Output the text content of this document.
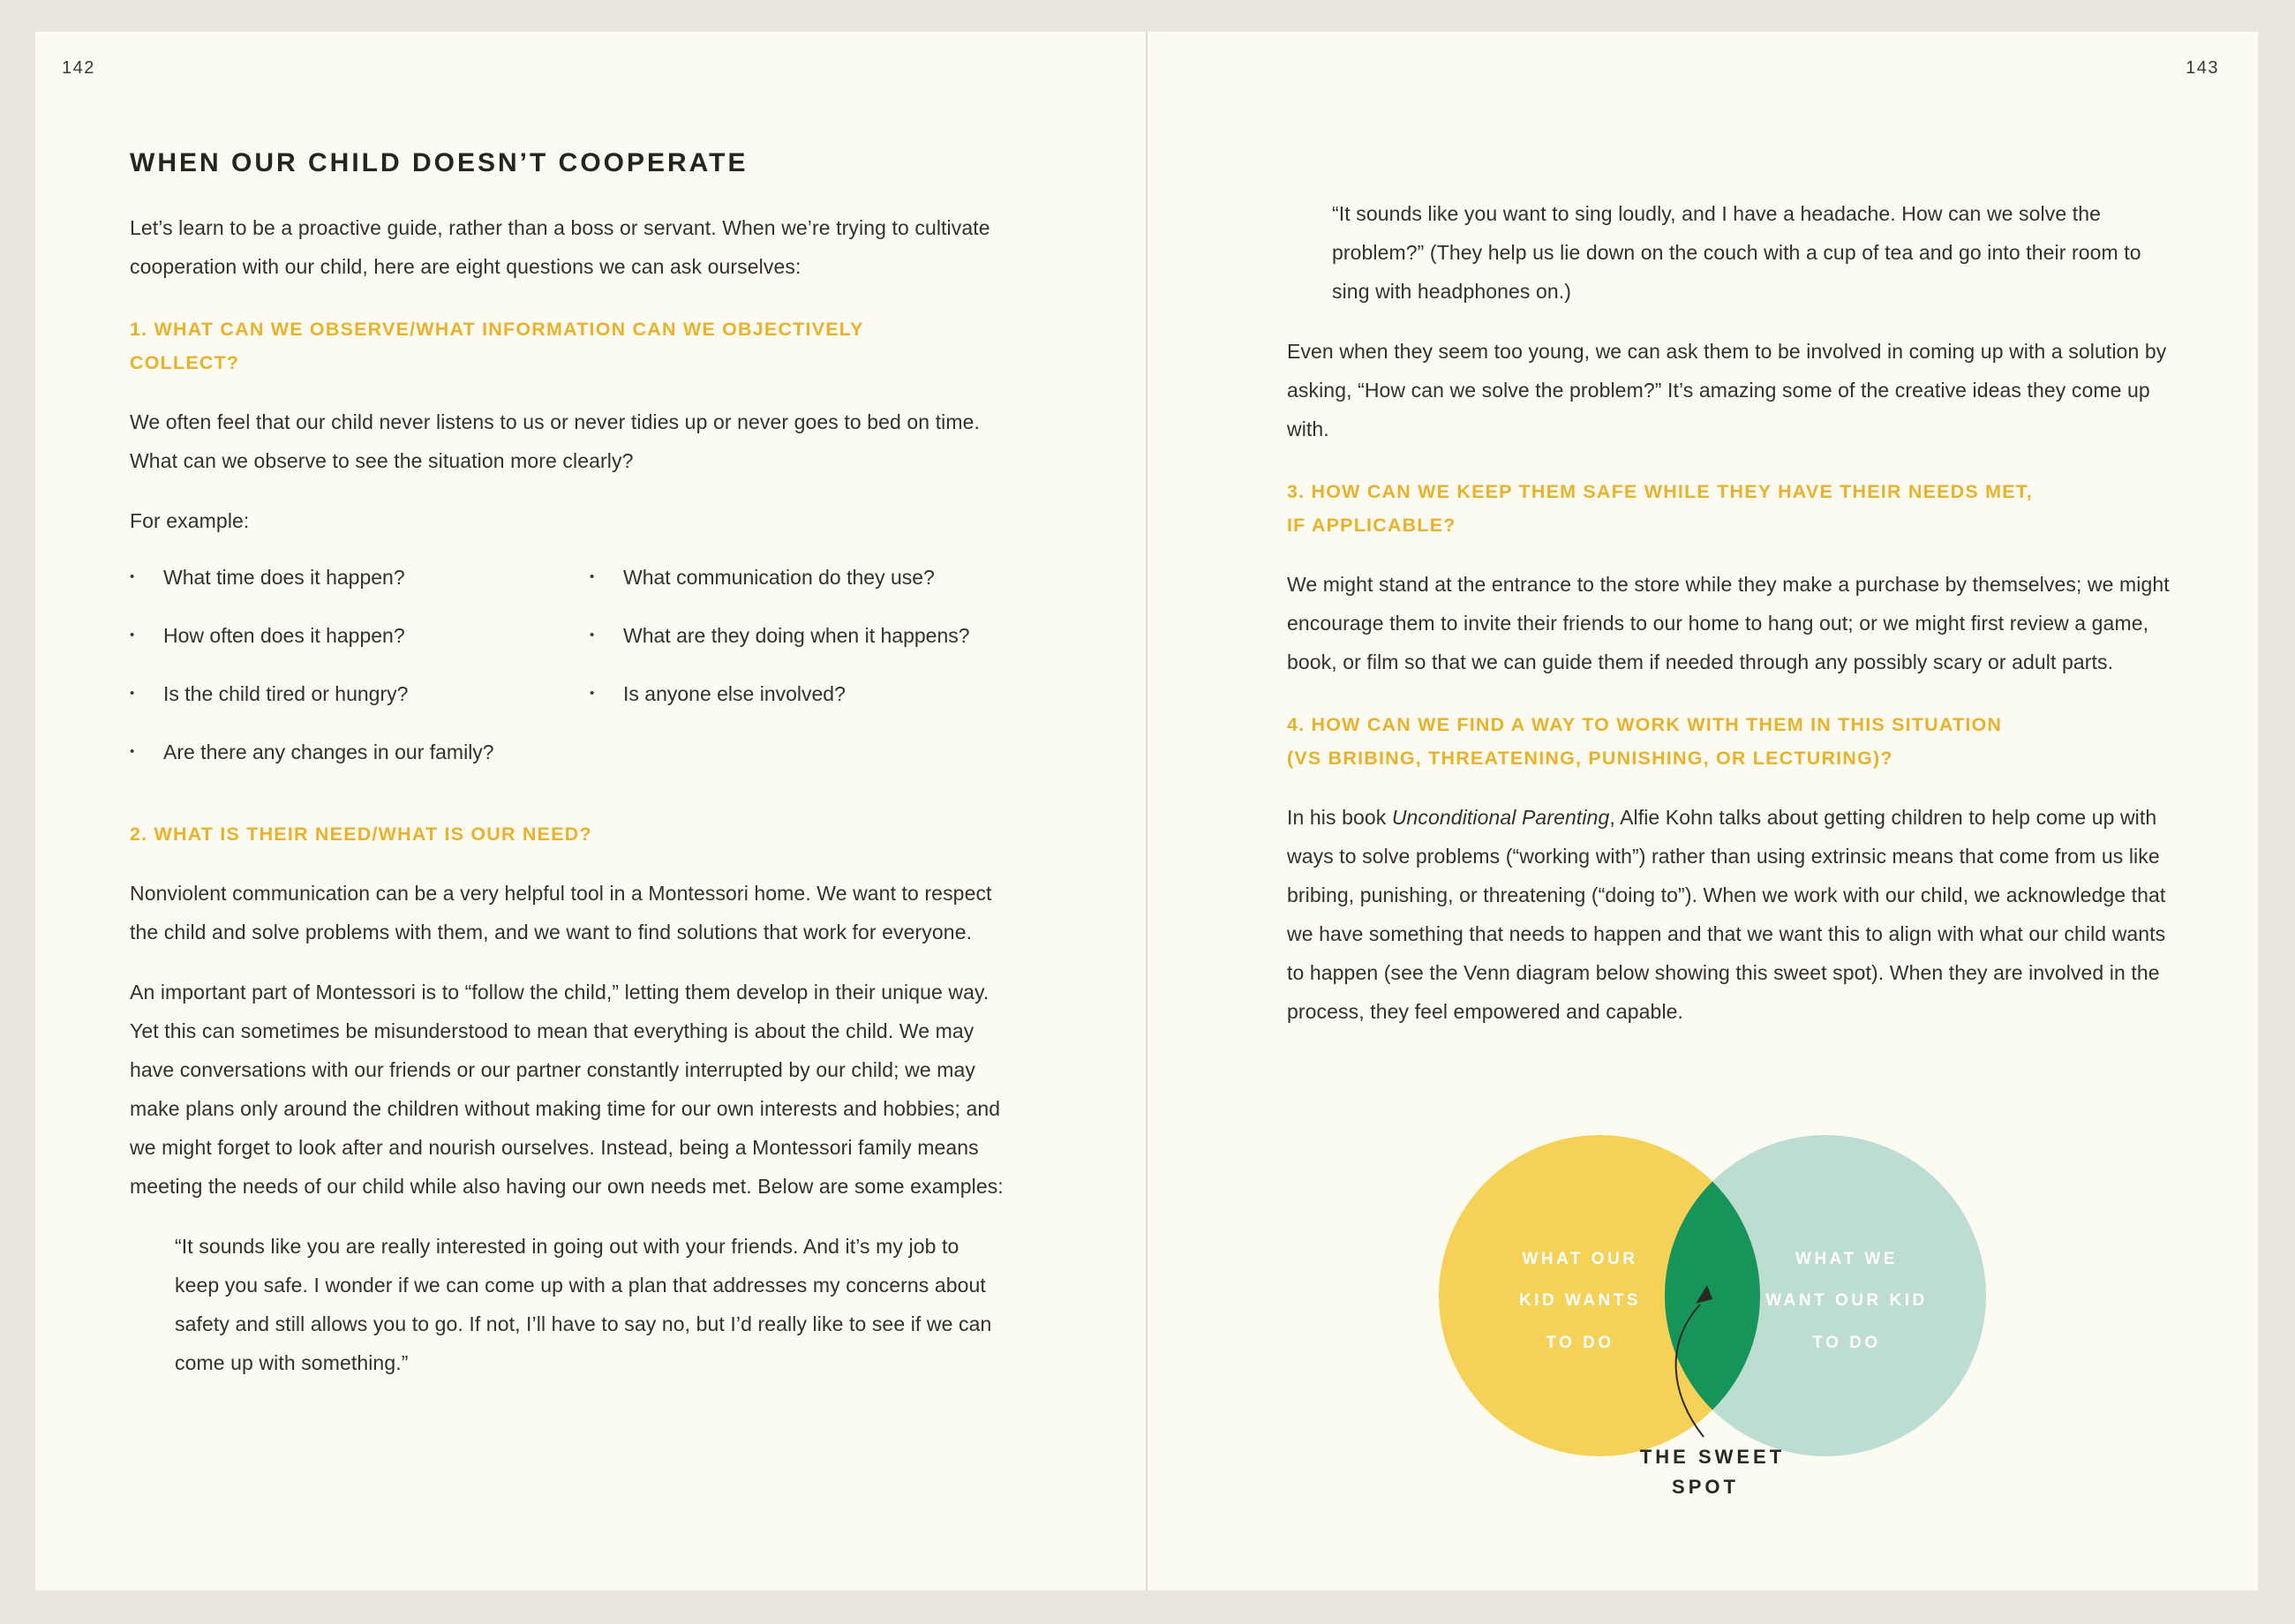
142
WHEN OUR CHILD DOESN’T COOPERATE

Let’s learn to be a proactive guide, rather than a boss or servant. When we’re trying to cultivate cooperation with our child, here are eight questions we can ask ourselves:

1. WHAT CAN WE OBSERVE/WHAT INFORMATION CAN WE OBJECTIVELY
COLLECT?

We often feel that our child never listens to us or never tidies up or never goes to bed on time. What can we observe to see the situation more clearly?

For example:

•	What time does it happen?
•	How often does it happen?
•	Is the child tired or hungry?
•	Are there any changes in our family?
•	What communication do they use?
•	What are they doing when it happens?
•	Is anyone else involved?
2. WHAT IS THEIR NEED/WHAT IS OUR NEED?

Nonviolent communication can be a very helpful tool in a Montessori home. We want to respect the child and solve problems with them, and we want to find solutions that work for everyone.

An important part of Montessori is to “follow the child,” letting them develop in their unique way. Yet this can sometimes be misunderstood to mean that everything is about the child. We may have conversations with our friends or our partner constantly interrupted by our child; we may make plans only around the children without making time for our own interests and hobbies; and we might forget to look after and nourish ourselves. Instead, being a Montessori family means meeting the needs of our child while also having our own needs met. Below are some examples:

“It sounds like you are really interested in going out with your friends. And it’s my job to keep you safe. I wonder if we can come up with a plan that addresses my concerns about safety and still allows you to go. If not, I’ll have to say no, but I’d really like to see if we can come up with something.”

143

“It sounds like you want to sing loudly, and I have a headache. How can we solve the problem?” (They help us lie down on the couch with a cup of tea and go into their room to sing with headphones on.)

Even when they seem too young, we can ask them to be involved in coming up with a solution by asking, “How can we solve the problem?” It’s amazing some of the creative ideas they come up with.

3. HOW CAN WE KEEP THEM SAFE WHILE THEY HAVE THEIR NEEDS MET,
IF APPLICABLE?

We might stand at the entrance to the store while they make a purchase by themselves; we might encourage them to invite their friends to our home to hang out; or we might first review a game, book, or film so that we can guide them if needed through any possibly scary or adult parts.

4. HOW CAN WE FIND A WAY TO WORK WITH THEM IN THIS SITUATION
(VS BRIBING, THREATENING, PUNISHING, OR LECTURING)?

In his book Unconditional Parenting, Alfie Kohn talks about getting children to help come up with ways to solve problems (“working with”) rather than using extrinsic means that come from us like bribing, punishing, or threatening (“doing to”). When we work with our child, we acknowledge that we have something that needs to happen and that we want this to align with what our child wants to happen (see the Venn diagram below showing this sweet spot). When they are involved in the process, they feel empowered and capable.

WHAT OUR
KID WANTS
TO DO
WHAT WE
WANT OUR KID
TO DO
THE SWEET
SPOT
